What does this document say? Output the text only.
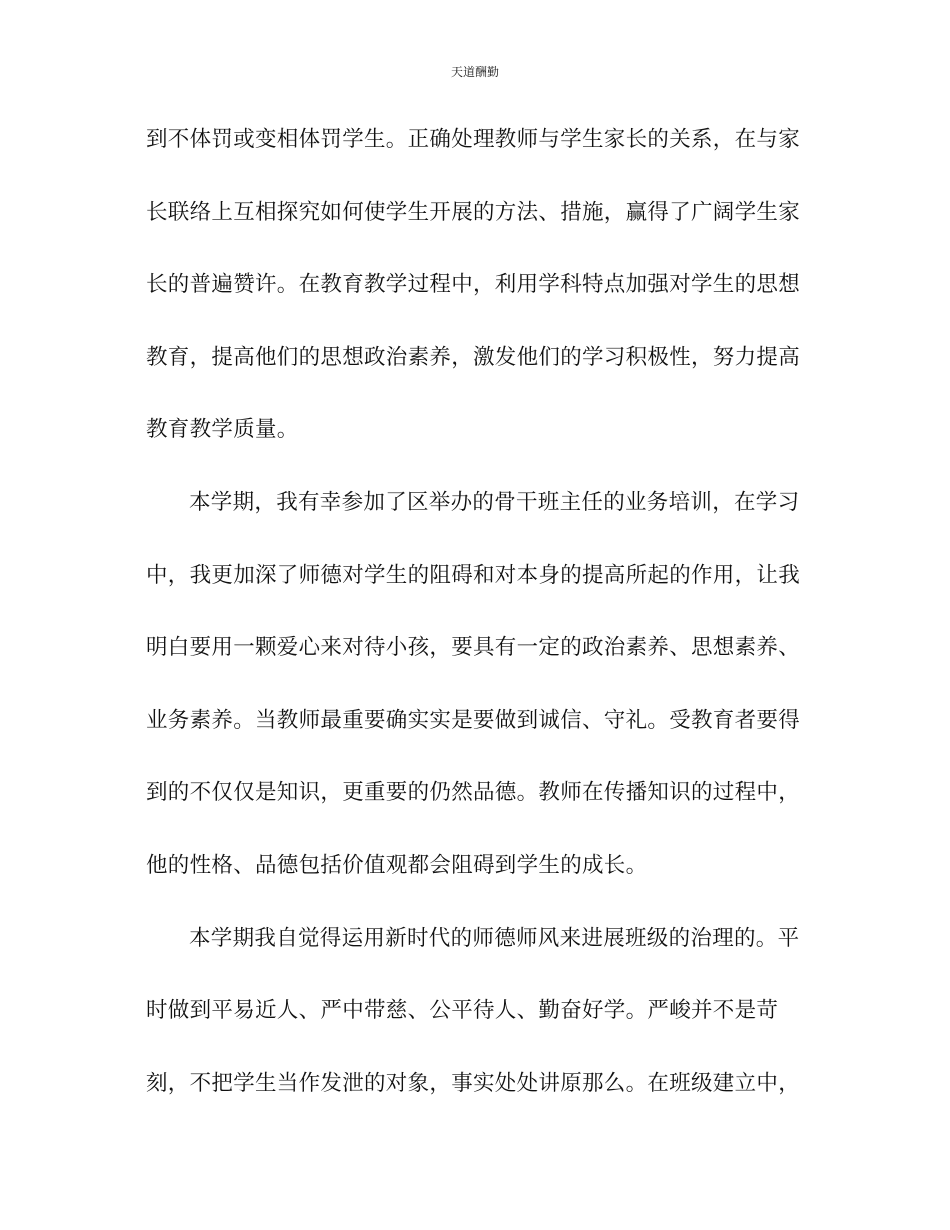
天道酬勤
到不体罚或变相体罚学生。正确处理教师与学生家长的关系，在与家
长联络上互相探究如何使学生开展的方法、措施，赢得了广阔学生家
长的普遍赞许。在教育教学过程中，利用学科特点加强对学生的思想
教育，提高他们的思想政治素养，激发他们的学习积极性，努力提高
教育教学质量。
本学期，我有幸参加了区举办的骨干班主任的业务培训，在学习
中，我更加深了师德对学生的阻碍和对本身的提高所起的作用，让我
明白要用一颗爱心来对待小孩，要具有一定的政治素养、思想素养、
业务素养。当教师最重要确实实是要做到诚信、守礼。受教育者要得
到的不仅仅是知识，更重要的仍然品德。教师在传播知识的过程中，
他的性格、品德包括价值观都会阻碍到学生的成长。
本学期我自觉得运用新时代的师德师风来进展班级的治理的。平
时做到平易近人、严中带慈、公平待人、勤奋好学。严峻并不是苛
刻，不把学生当作发泄的对象，事实处处讲原那么。在班级建立中，
